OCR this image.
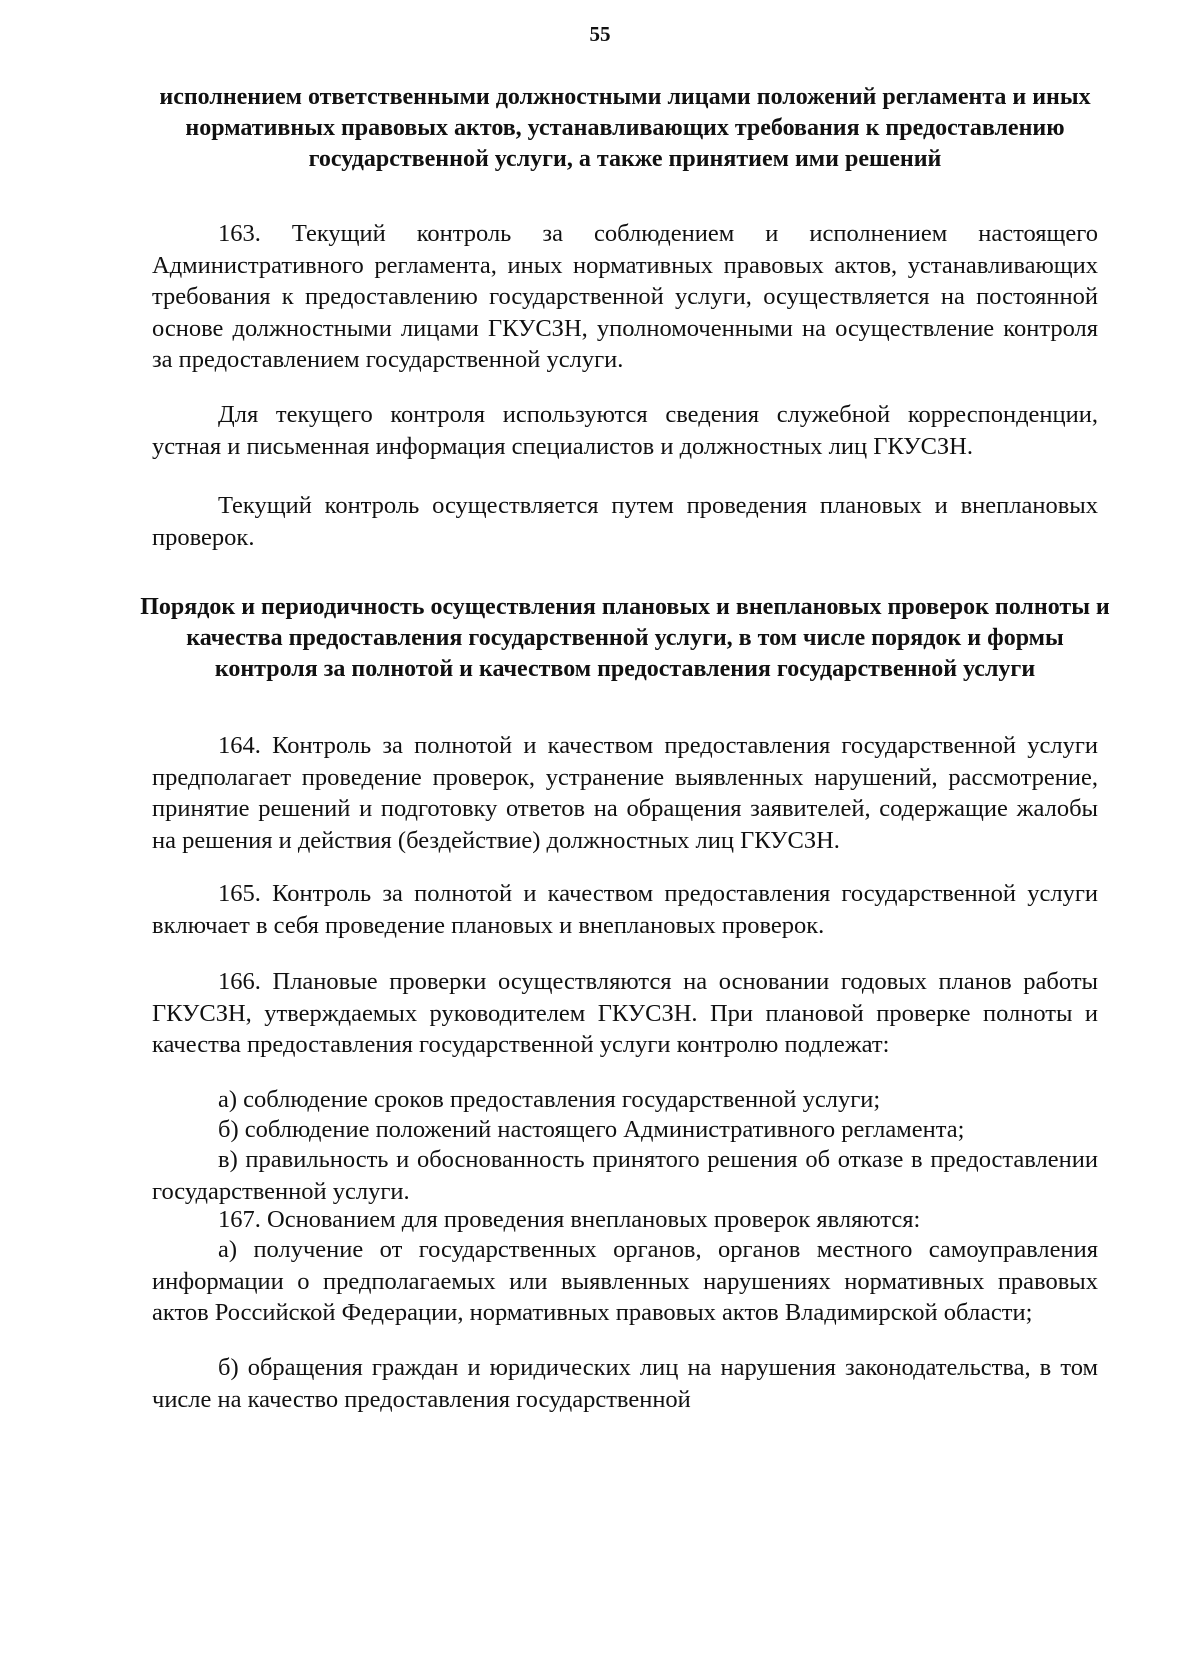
55
исполнением ответственными должностными лицами положений регламента и иных нормативных правовых актов, устанавливающих требования к предоставлению государственной услуги, а также принятием ими решений
163. Текущий контроль за соблюдением и исполнением настоящего Административного регламента, иных нормативных правовых актов, устанавливающих требования к предоставлению государственной услуги, осуществляется на постоянной основе должностными лицами ГКУСЗН, уполномоченными на осуществление контроля за предоставлением государственной услуги.
Для текущего контроля используются сведения служебной корреспонденции, устная и письменная информация специалистов и должностных лиц ГКУСЗН.
Текущий контроль осуществляется путем проведения плановых и внеплановых проверок.
Порядок и периодичность осуществления плановых и внеплановых проверок полноты и качества предоставления государственной услуги, в том числе порядок и формы контроля за полнотой и качеством предоставления государственной услуги
164. Контроль за полнотой и качеством предоставления государственной услуги предполагает проведение проверок, устранение выявленных нарушений, рассмотрение, принятие решений и подготовку ответов на обращения заявителей, содержащие жалобы на решения и действия (бездействие) должностных лиц ГКУСЗН.
165. Контроль за полнотой и качеством предоставления государственной услуги включает в себя проведение плановых и внеплановых проверок.
166. Плановые проверки осуществляются на основании годовых планов работы ГКУСЗН, утверждаемых руководителем ГКУСЗН. При плановой проверке полноты и качества предоставления государственной услуги контролю подлежат:
а) соблюдение сроков предоставления государственной услуги;
б) соблюдение положений настоящего Административного регламента;
в) правильность и обоснованность принятого решения об отказе в предоставлении государственной услуги.
167. Основанием для проведения внеплановых проверок являются:
а) получение от государственных органов, органов местного самоуправления информации о предполагаемых или выявленных нарушениях нормативных правовых актов Российской Федерации, нормативных правовых актов Владимирской области;
б) обращения граждан и юридических лиц на нарушения законодательства, в том числе на качество предоставления государственной
